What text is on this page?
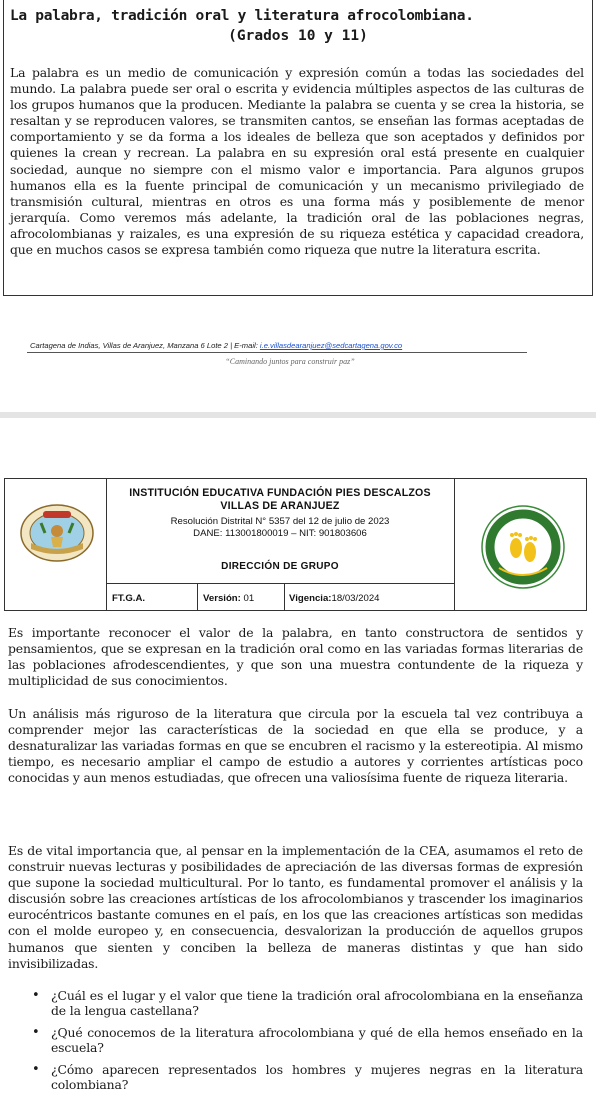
La palabra, tradición oral y literatura afrocolombiana.
(Grados 10 y 11)
La palabra es un medio de comunicación y expresión común a todas las sociedades del mundo. La palabra puede ser oral o escrita y evidencia múltiples aspectos de las culturas de los grupos humanos que la producen. Mediante la palabra se cuenta y se crea la historia, se resaltan y se reproducen valores, se transmiten cantos, se enseñan las formas aceptadas de comportamiento y se da forma a los ideales de belleza que son aceptados y definidos por quienes la crean y recrean. La palabra en su expresión oral está presente en cualquier sociedad, aunque no siempre con el mismo valor e importancia. Para algunos grupos humanos ella es la fuente principal de comunicación y un mecanismo privilegiado de transmisión cultural, mientras en otros es una forma más y posiblemente de menor jerarquía. Como veremos más adelante, la tradición oral de las poblaciones negras, afrocolombianas y raizales, es una expresión de su riqueza estética y capacidad creadora, que en muchos casos se expresa también como riqueza que nutre la literatura escrita.
Cartagena de Indias, Villas de Aranjuez, Manzana 6 Lote 2 | E-mail: i.e.villasdearanjuez@sedcartagena.gov.co
“Caminando juntos para construir paz”
INSTITUCIÓN EDUCATIVA FUNDACIÓN PIES DESCALZOS
VILLAS DE ARANJUEZ
Resolución Distrital N° 5357 del 12 de julio de 2023
DANE: 113001800019 – NIT: 901803606
DIRECCIÓN DE GRUPO
FT.G.A.	Versión: 01	Vigencia:18/03/2024
Es importante reconocer el valor de la palabra, en tanto constructora de sentidos y pensamientos, que se expresan en la tradición oral como en las variadas formas literarias de las poblaciones afrodescendientes, y que son una muestra contundente de la riqueza y multiplicidad de sus conocimientos.
Un análisis más riguroso de la literatura que circula por la escuela tal vez contribuya a comprender mejor las características de la sociedad en que ella se produce, y a desnaturalizar las variadas formas en que se encubren el racismo y la estereotipia. Al mismo tiempo, es necesario ampliar el campo de estudio a autores y corrientes artísticas poco conocidas y aun menos estudiadas, que ofrecen una valiosísima fuente de riqueza literaria.
Es de vital importancia que, al pensar en la implementación de la CEA, asumamos el reto de construir nuevas lecturas y posibilidades de apreciación de las diversas formas de expresión que supone la sociedad multicultural. Por lo tanto, es fundamental promover el análisis y la discusión sobre las creaciones artísticas de los afrocolombianos y trascender los imaginarios eurocéntricos bastante comunes en el país, en los que las creaciones artísticas son medidas con el molde europeo y, en consecuencia, desvalorizan la producción de aquellos grupos humanos que sienten y conciben la belleza de maneras distintas y que han sido invisibilizadas.
• ¿Cuál es el lugar y el valor que tiene la tradición oral afrocolombiana en la enseñanza de la lengua castellana?
• ¿Qué conocemos de la literatura afrocolombiana y qué de ella hemos enseñado en la escuela?
• ¿Cómo aparecen representados los hombres y mujeres negras en la literatura colombiana?
